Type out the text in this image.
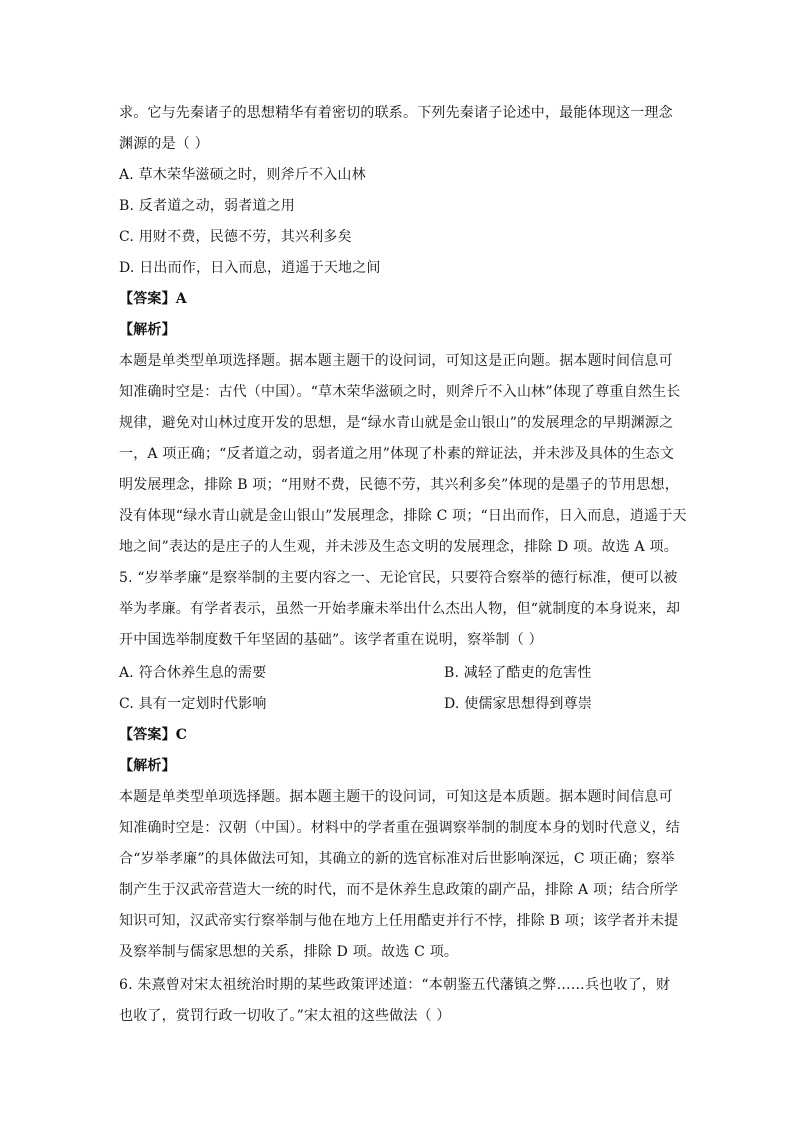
求。它与先秦诸子的思想精华有着密切的联系。下列先秦诸子论述中，最能体现这一理念
渊源的是（ ）
A. 草木荣华滋硕之时，则斧斤不入山林
B. 反者道之动，弱者道之用
C. 用财不费，民德不劳，其兴利多矣
D. 日出而作，日入而息，逍遥于天地之间
【答案】A
【解析】
本题是单类型单项选择题。据本题主题干的设问词，可知这是正向题。据本题时间信息可
知准确时空是：古代（中国）。“草木荣华滋硕之时，则斧斤不入山林”体现了尊重自然生长
规律，避免对山林过度开发的思想，是“绿水青山就是金山银山”的发展理念的早期渊源之
一，A 项正确；“反者道之动，弱者道之用”体现了朴素的辩证法，并未涉及具体的生态文
明发展理念，排除 B 项；“用财不费，民德不劳，其兴利多矣”体现的是墨子的节用思想，
没有体现“绿水青山就是金山银山”发展理念，排除 C 项；“日出而作，日入而息，逍遥于天
地之间”表达的是庄子的人生观，并未涉及生态文明的发展理念，排除 D 项。故选 A 项。
5. “岁举孝廉”是察举制的主要内容之一、无论官民，只要符合察举的德行标准，便可以被
举为孝廉。有学者表示，虽然一开始孝廉未举出什么杰出人物，但“就制度的本身说来，却
开中国选举制度数千年坚固的基础”。该学者重在说明，察举制（ ）
A. 符合休养生息的需要	B. 减轻了酷吏的危害性
C. 具有一定划时代影响	D. 使儒家思想得到尊崇
【答案】C
【解析】
本题是单类型单项选择题。据本题主题干的设问词，可知这是本质题。据本题时间信息可
知准确时空是：汉朝（中国）。材料中的学者重在强调察举制的制度本身的划时代意义，结
合“岁举孝廉”的具体做法可知，其确立的新的选官标准对后世影响深远，C 项正确；察举
制产生于汉武帝营造大一统的时代，而不是休养生息政策的副产品，排除 A 项；结合所学
知识可知，汉武帝实行察举制与他在地方上任用酷吏并行不悖，排除 B 项；该学者并未提
及察举制与儒家思想的关系，排除 D 项。故选 C 项。
6. 朱熹曾对宋太祖统治时期的某些政策评述道：“本朝鉴五代藩镇之弊……兵也收了，财
也收了，赏罚行政一切收了。”宋太祖的这些做法（ ）
